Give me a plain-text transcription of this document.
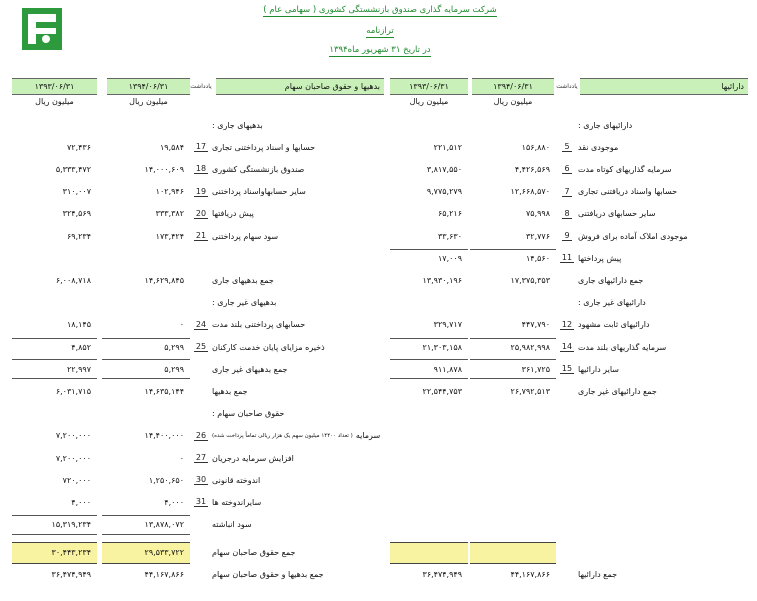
شرکت سرمایه گذاری صندوق بازنشستگی کشوری ( سهامی عام )
ترازنامه
در تاریخ ۳۱ شهریور ماه۱۳۹۴
۱۳۹۳/۰۶/۳۱	۱۳۹۴/۰۶/۳۱	یادداشت	بدهیها و حقوق صاحبان سهام	۱۳۹۳/۰۶/۳۱	۱۳۹۴/۰۶/۳۱	یادداشت	دارائیها
میلیون ریال	میلیون ریال	میلیون ریال	میلیون ریال
بدهیهای جاری :	دارائیهای جاری :
۷۲,۴۳۶	۱۹,۵۸۴	17 حسابها و اسناد پرداختنی تجاری	۲۲۱,۵۱۲	۱۵۶,۸۸۰	5 موجودی نقد
۵,۳۳۳,۴۷۲	۱۴,۰۰۰,۶۰۹	18 صندوق بازنشستگی کشوری	۳,۸۱۷,۵۵۰	۴,۴۲۶,۵۶۹	6 سرمایه گذاریهای کوتاه مدت
۳۱۰,۰۰۷	۱۰۲,۹۴۶	19 سایر حسابهاواسناد پرداختنی	۹,۷۷۵,۲۷۹	۱۲,۶۶۸,۵۷۰	7 حسابها واسناد دریافتنی تجاری
۳۲۴,۵۶۹	۳۳۳,۳۸۲	20 پیش دریافتها	۶۵,۲۱۶	۷۵,۹۹۸	8 سایر حسابهای دریافتنی
۶۹,۲۳۴	۱۷۳,۴۲۴	21 سود سهام پرداختنی	۳۳,۶۳۰	۳۲,۷۷۶	9 موجودی املاک آماده برای فروش
۱۷,۰۰۹	۱۴,۵۶۰	11 پیش پرداختها
۶,۰۰۸,۷۱۸	۱۴,۶۲۹,۸۴۵	جمع بدهیهای جاری	۱۳,۹۳۰,۱۹۶	۱۷,۳۷۵,۳۵۳	جمع دارائیهای جاری
بدهیهای غیر جاری :	دارائیهای غیر جاری :
۱۸,۱۴۵	۰	24 حسابهای پرداختنی بلند مدت	۳۲۹,۷۱۷	۴۴۷,۷۹۰	12 دارائیهای ثابت مشهود
۴,۸۵۲	۵,۲۹۹	25 ذخیره مزایای پایان خدمت کارکنان	۲۱,۳۰۳,۱۵۸	۲۵,۹۸۲,۹۹۸	14 سرمایه گذاریهای بلند مدت
۲۲,۹۹۷	۵,۲۹۹	جمع بدهیهای غیر جاری	۹۱۱,۸۷۸	۳۶۱,۷۲۵	15 سایر دارائیها
۶,۰۳۱,۷۱۵	۱۴,۶۳۵,۱۴۴	جمع بدهیها	۲۲,۵۴۴,۷۵۳	۲۶,۷۹۲,۵۱۳	جمع دارائیهای غیر جاری
حقوق صاحبان سهام :
۷,۲۰۰,۰۰۰	۱۴,۴۰۰,۰۰۰	26	سرمایه
( تعداد ۱۴۴۰۰ میلیون سهم یک هزار ریالی تماماً پرداخت شده)
۷,۲۰۰,۰۰۰	۰	27 افزایش سرمایه درجریان
۷۲۰,۰۰۰	۱,۲۵۰,۶۵۰	30 اندوخته قانونی
۴,۰۰۰	۴,۰۰۰	31 سایراندوخته ها
۱۵,۳۱۹,۲۳۴	۱۳,۸۷۸,۰۷۲	سود انباشته
۳۰,۴۴۳,۲۳۴	۲۹,۵۳۳,۷۲۲	جمع حقوق صاحبان سهام
۳۶,۴۷۴,۹۴۹	۴۴,۱۶۷,۸۶۶	جمع بدهیها و حقوق صاحبان سهام	۳۶,۴۷۴,۹۴۹	۴۴,۱۶۷,۸۶۶	جمع دارائیها
